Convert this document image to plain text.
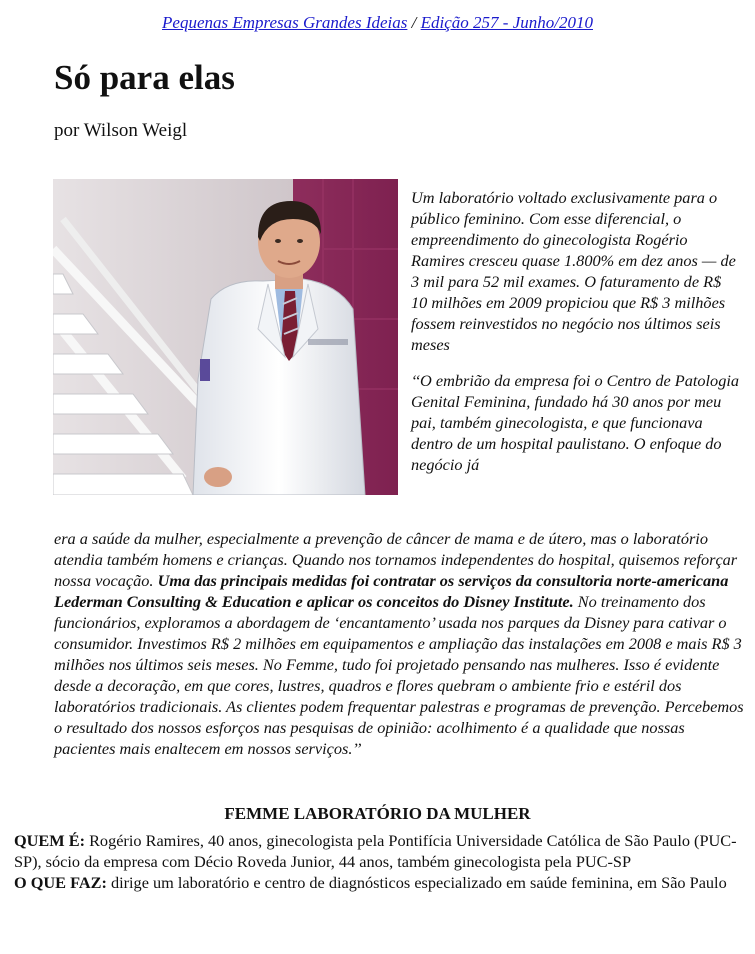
Pequenas Empresas Grandes Ideias / Edição 257 - Junho/2010
Só para elas
por Wilson Weigl

Um laboratório voltado exclusivamente para o público feminino. Com esse diferencial, o empreendimento do ginecologista Rogério Ramires cresceu quase 1.800% em dez anos — de 3 mil para 52 mil exames. O faturamento de R$ 10 milhões em 2009 propiciou que R$ 3 milhões fossem reinvestidos no negócio nos últimos seis meses

‘‘O embrião da empresa foi o Centro de Patologia Genital Feminina, fundado há 30 anos por meu pai, também ginecologista, e que funcionava dentro de um hospital paulistano. O enfoque do negócio já

era a saúde da mulher, especialmente a prevenção de câncer de mama e de útero, mas o laboratório atendia também homens e crianças. Quando nos tornamos independentes do hospital, quisemos reforçar nossa vocação. Uma das principais medidas foi contratar os serviços da consultoria norte-americana Lederman Consulting & Education e aplicar os conceitos do Disney Institute. No treinamento dos funcionários, exploramos a abordagem de ‘encantamento’ usada nos parques da Disney para cativar o consumidor. Investimos R$ 2 milhões em equipamentos e ampliação das instalações em 2008 e mais R$ 3 milhões nos últimos seis meses. No Femme, tudo foi projetado pensando nas mulheres. Isso é evidente desde a decoração, em que cores, lustres, quadros e flores quebram o ambiente frio e estéril dos laboratórios tradicionais. As clientes podem frequentar palestras e programas de prevenção. Percebemos o resultado dos nossos esforços nas pesquisas de opinião: acolhimento é a qualidade que nossas pacientes mais enaltecem em nossos serviços.’’
FEMME LABORATÓRIO DA MULHER

QUEM É: Rogério Ramires, 40 anos, ginecologista pela Pontifícia Universidade Católica de São Paulo (PUC-SP), sócio da empresa com Décio Roveda Junior, 44 anos, também ginecologista pela PUC-SP

O QUE FAZ: dirige um laboratório e centro de diagnósticos especializado em saúde feminina, em São Paulo
